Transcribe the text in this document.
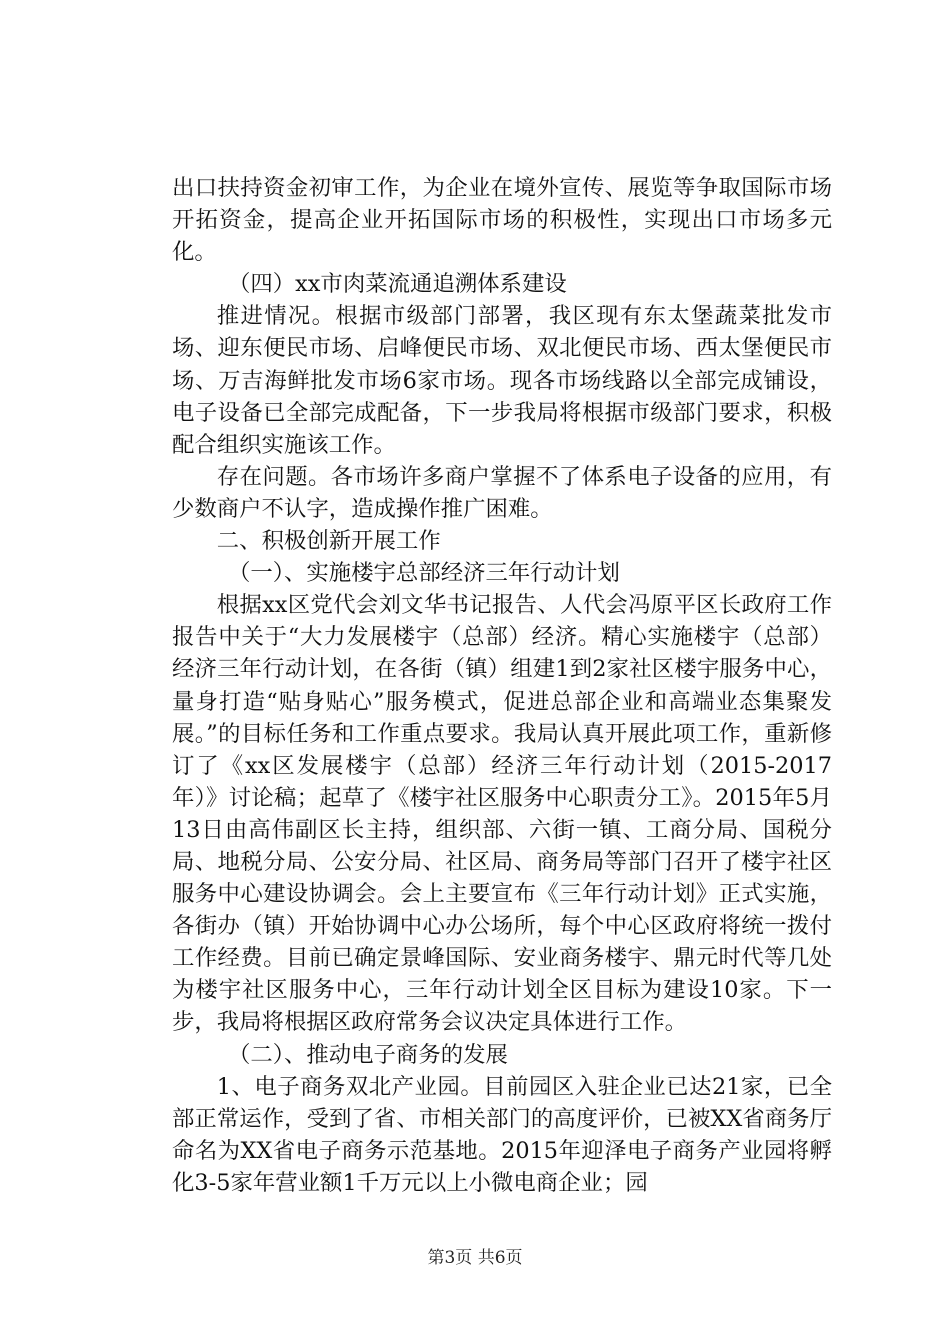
出口扶持资金初审工作，为企业在境外宣传、展览等争取国际市场开拓资金，提高企业开拓国际市场的积极性，实现出口市场多元化。

（四）xx市肉菜流通追溯体系建设

推进情况。根据市级部门部署，我区现有东太堡蔬菜批发市场、迎东便民市场、启峰便民市场、双北便民市场、西太堡便民市场、万吉海鲜批发市场6家市场。现各市场线路以全部完成铺设，电子设备已全部完成配备，下一步我局将根据市级部门要求，积极配合组织实施该工作。

存在问题。各市场许多商户掌握不了体系电子设备的应用，有少数商户不认字，造成操作推广困难。

二、积极创新开展工作

（一）、实施楼宇总部经济三年行动计划

根据xx区党代会刘文华书记报告、人代会冯原平区长政府工作报告中关于“大力发展楼宇（总部）经济。精心实施楼宇（总部）经济三年行动计划，在各街（镇）组建1到2家社区楼宇服务中心，量身打造“贴身贴心”服务模式，促进总部企业和高端业态集聚发展。”的目标任务和工作重点要求。我局认真开展此项工作，重新修订了《xx区发展楼宇（总部）经济三年行动计划（2015-2017年）》讨论稿；起草了《楼宇社区服务中心职责分工》。2015年5月13日由高伟副区长主持，组织部、六街一镇、工商分局、国税分局、地税分局、公安分局、社区局、商务局等部门召开了楼宇社区服务中心建设协调会。会上主要宣布《三年行动计划》正式实施，各街办（镇）开始协调中心办公场所，每个中心区政府将统一拨付工作经费。目前已确定景峰国际、安业商务楼宇、鼎元时代等几处为楼宇社区服务中心，三年行动计划全区目标为建设10家。下一步，我局将根据区政府常务会议决定具体进行工作。

（二）、推动电子商务的发展

1、电子商务双北产业园。目前园区入驻企业已达21家，已全部正常运作，受到了省、市相关部门的高度评价，已被XX省商务厅命名为XX省电子商务示范基地。2015年迎泽电子商务产业园将孵化3-5家年营业额1千万元以上小微电商企业；园

第3页 共6页
